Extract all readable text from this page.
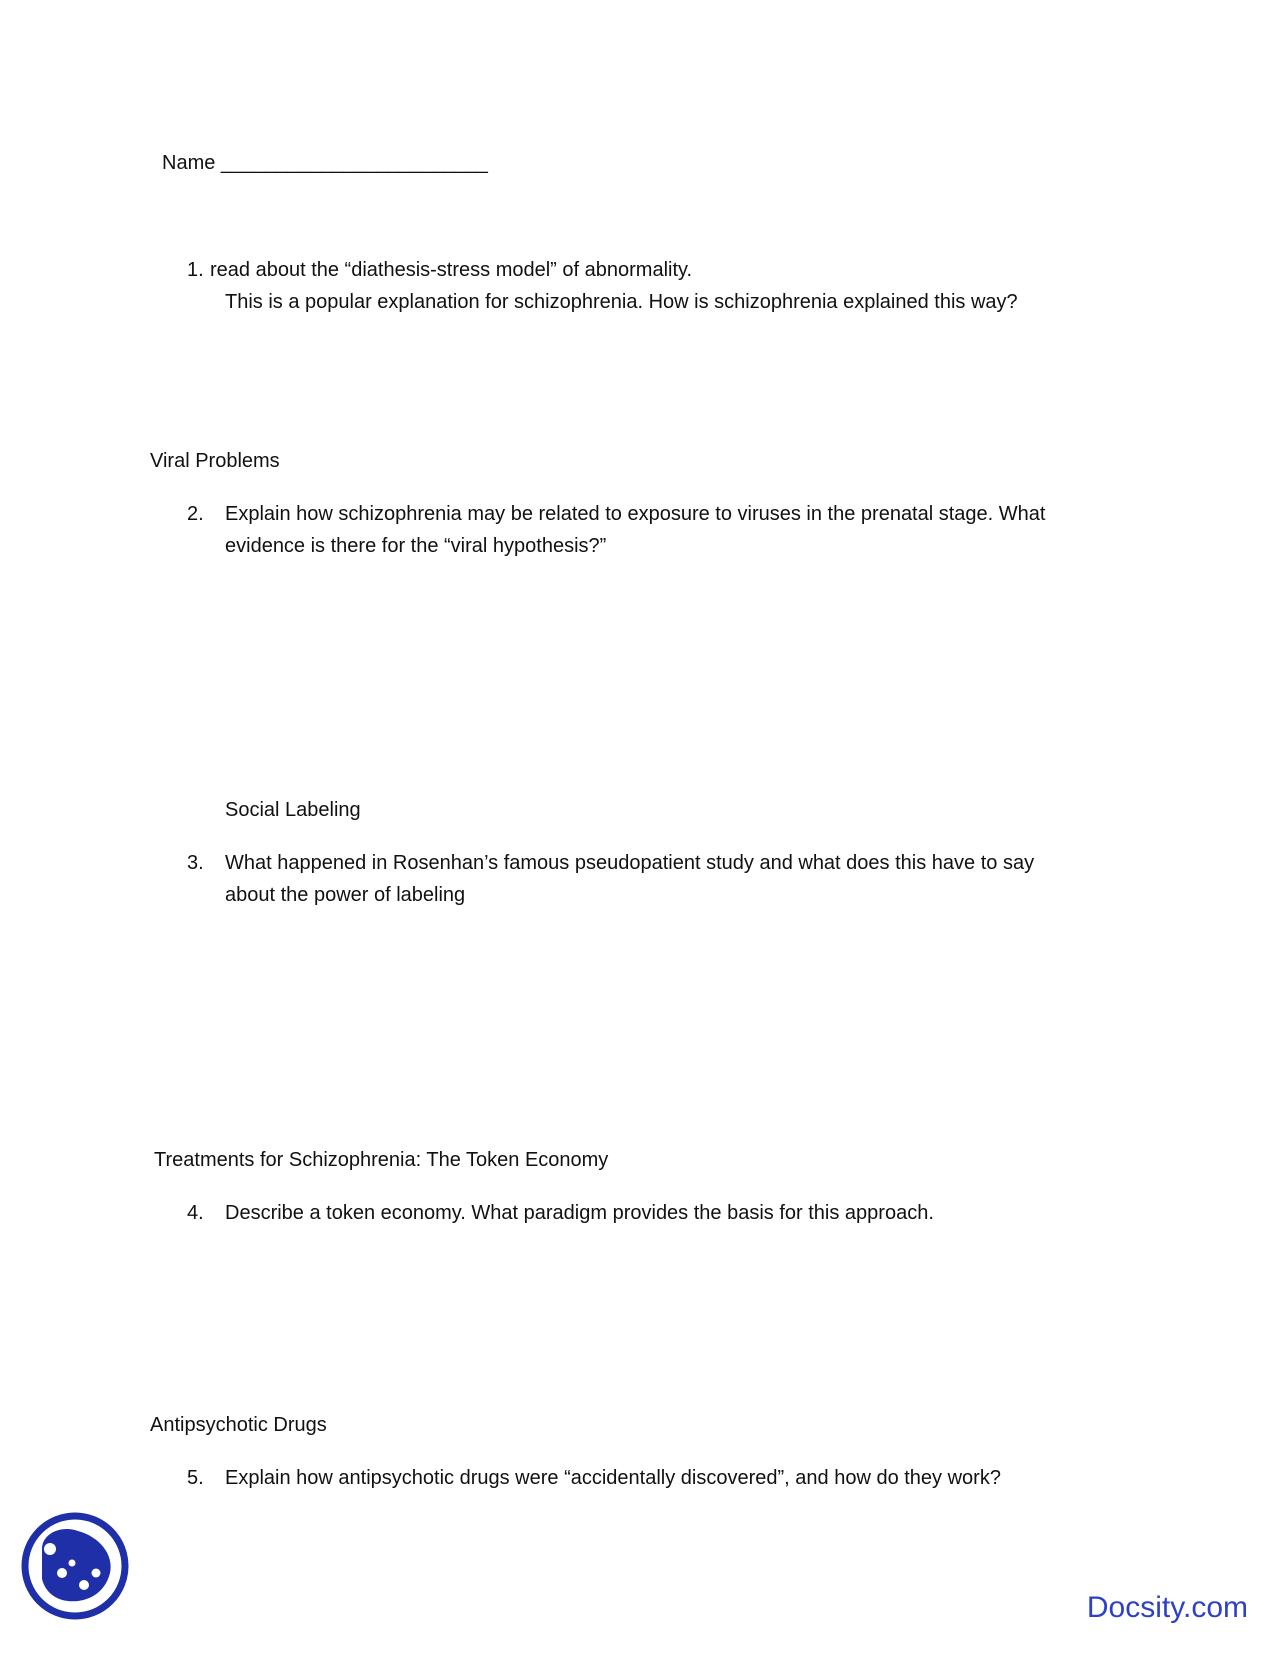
Name ________________________
1. read about the “diathesis-stress model” of abnormality.
This is a popular explanation for schizophrenia. How is schizophrenia explained this way?
Viral Problems
2. Explain how schizophrenia may be related to exposure to viruses in the prenatal stage. What evidence is there for the “viral hypothesis?”
Social Labeling
3. What happened in Rosenhan’s famous pseudopatient study and what does this have to say about the power of labeling
Treatments for Schizophrenia: The Token Economy
4. Describe a token economy. What paradigm provides the basis for this approach.
Antipsychotic Drugs
5. Explain how antipsychotic drugs were “accidentally discovered”, and how do they work?
Docsity.com
